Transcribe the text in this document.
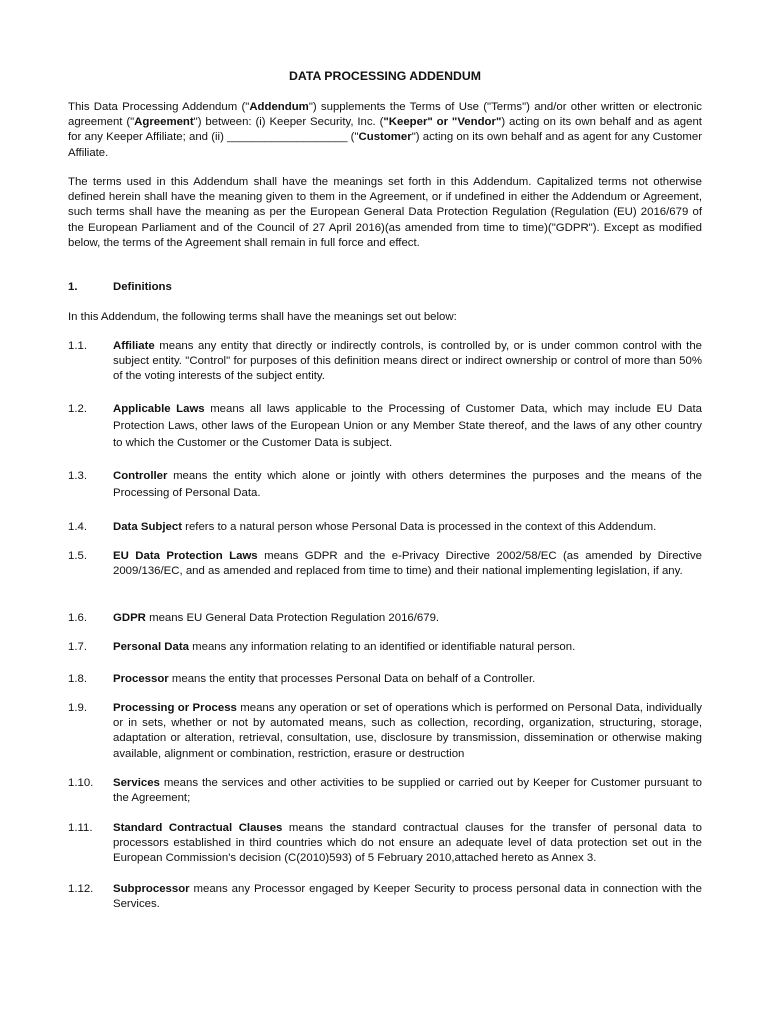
DATA PROCESSING ADDENDUM
This Data Processing Addendum ("Addendum") supplements the Terms of Use ("Terms") and/or other written or electronic agreement ("Agreement") between: (i) Keeper Security, Inc. ("Keeper" or "Vendor") acting on its own behalf and as agent for any Keeper Affiliate; and (ii) ___________________ ("Customer") acting on its own behalf and as agent for any Customer Affiliate.
The terms used in this Addendum shall have the meanings set forth in this Addendum. Capitalized terms not otherwise defined herein shall have the meaning given to them in the Agreement, or if undefined in either the Addendum or Agreement, such terms shall have the meaning as per the European General Data Protection Regulation (Regulation (EU) 2016/679 of the European Parliament and of the Council of 27 April 2016)(as amended from time to time)("GDPR"). Except as modified below, the terms of the Agreement shall remain in full force and effect.
1.	Definitions
In this Addendum, the following terms shall have the meanings set out below:
1.1. Affiliate means any entity that directly or indirectly controls, is controlled by, or is under common control with the subject entity. "Control" for purposes of this definition means direct or indirect ownership or control of more than 50% of the voting interests of the subject entity.
1.2. Applicable Laws means all laws applicable to the Processing of Customer Data, which may include EU Data Protection Laws, other laws of the European Union or any Member State thereof, and the laws of any other country to which the Customer or the Customer Data is subject.
1.3. Controller means the entity which alone or jointly with others determines the purposes and the means of the Processing of Personal Data.
1.4. Data Subject refers to a natural person whose Personal Data is processed in the context of this Addendum.
1.5. EU Data Protection Laws means GDPR and the e-Privacy Directive 2002/58/EC (as amended by Directive 2009/136/EC, and as amended and replaced from time to time) and their national implementing legislation, if any.
1.6. GDPR means EU General Data Protection Regulation 2016/679.
1.7. Personal Data means any information relating to an identified or identifiable natural person.
1.8. Processor means the entity that processes Personal Data on behalf of a Controller.
1.9. Processing or Process means any operation or set of operations which is performed on Personal Data, individually or in sets, whether or not by automated means, such as collection, recording, organization, structuring, storage, adaptation or alteration, retrieval, consultation, use, disclosure by transmission, dissemination or otherwise making available, alignment or combination, restriction, erasure or destruction
1.10. Services means the services and other activities to be supplied or carried out by Keeper for Customer pursuant to the Agreement;
1.11. Standard Contractual Clauses means the standard contractual clauses for the transfer of personal data to processors established in third countries which do not ensure an adequate level of data protection set out in the European Commission's decision (C(2010)593) of 5 February 2010,attached hereto as Annex 3.
1.12. Subprocessor means any Processor engaged by Keeper Security to process personal data in connection with the Services.
